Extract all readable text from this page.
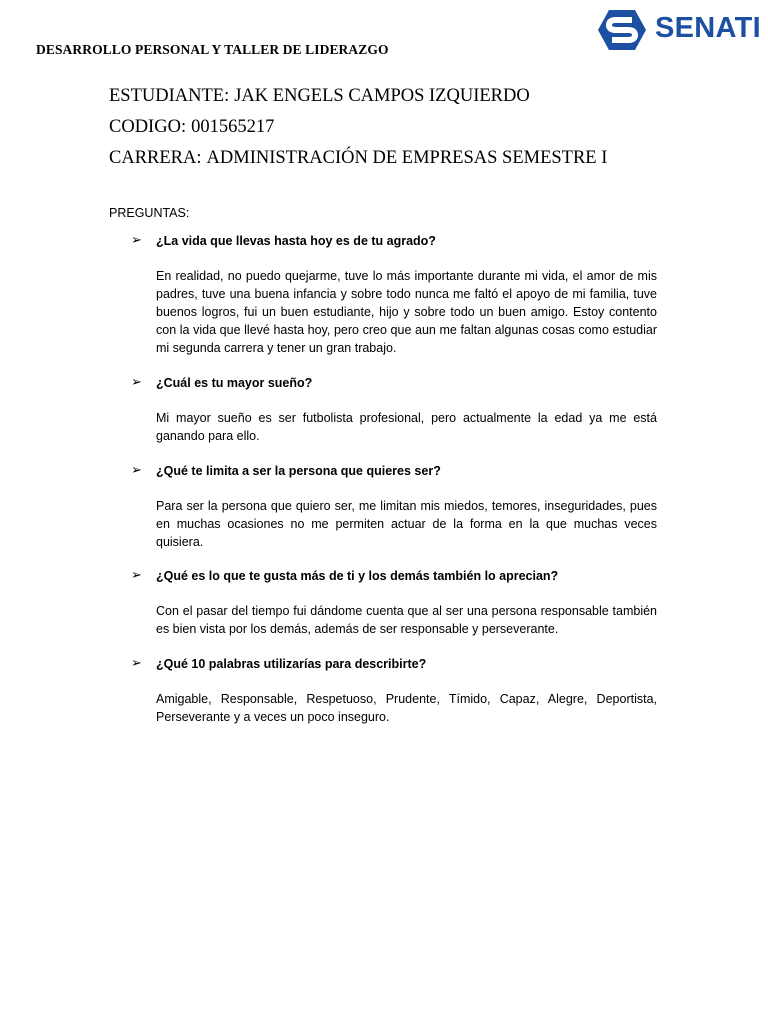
DESARROLLO PERSONAL Y TALLER DE LIDERAZGO
SENATI
ESTUDIANTE: JAK ENGELS CAMPOS IZQUIERDO
CODIGO: 001565217
CARRERA: ADMINISTRACIÓN DE EMPRESAS SEMESTRE I
PREGUNTAS:
➢ ¿La vida que llevas hasta hoy es de tu agrado?
En realidad, no puedo quejarme, tuve lo más importante durante mi vida, el amor de mis padres, tuve una buena infancia y sobre todo nunca me faltó el apoyo de mi familia, tuve buenos logros, fui un buen estudiante, hijo y sobre todo un buen amigo. Estoy contento con la vida que llevé hasta hoy, pero creo que aun me faltan algunas cosas como estudiar mi segunda carrera y tener un gran trabajo.
➢ ¿Cuál es tu mayor sueño?
Mi mayor sueño es ser futbolista profesional, pero actualmente la edad ya me está ganando para ello.
➢ ¿Qué te limita a ser la persona que quieres ser?
Para ser la persona que quiero ser, me limitan mis miedos, temores, inseguridades, pues en muchas ocasiones no me permiten actuar de la forma en la que muchas veces quisiera.
➢ ¿Qué es lo que te gusta más de ti y los demás también lo aprecian?
Con el pasar del tiempo fui dándome cuenta que al ser una persona responsable también es bien vista por los demás, además de ser responsable y perseverante.
➢ ¿Qué 10 palabras utilizarías para describirte?
Amigable, Responsable, Respetuoso, Prudente, Tímido, Capaz, Alegre, Deportista, Perseverante y a veces un poco inseguro.
